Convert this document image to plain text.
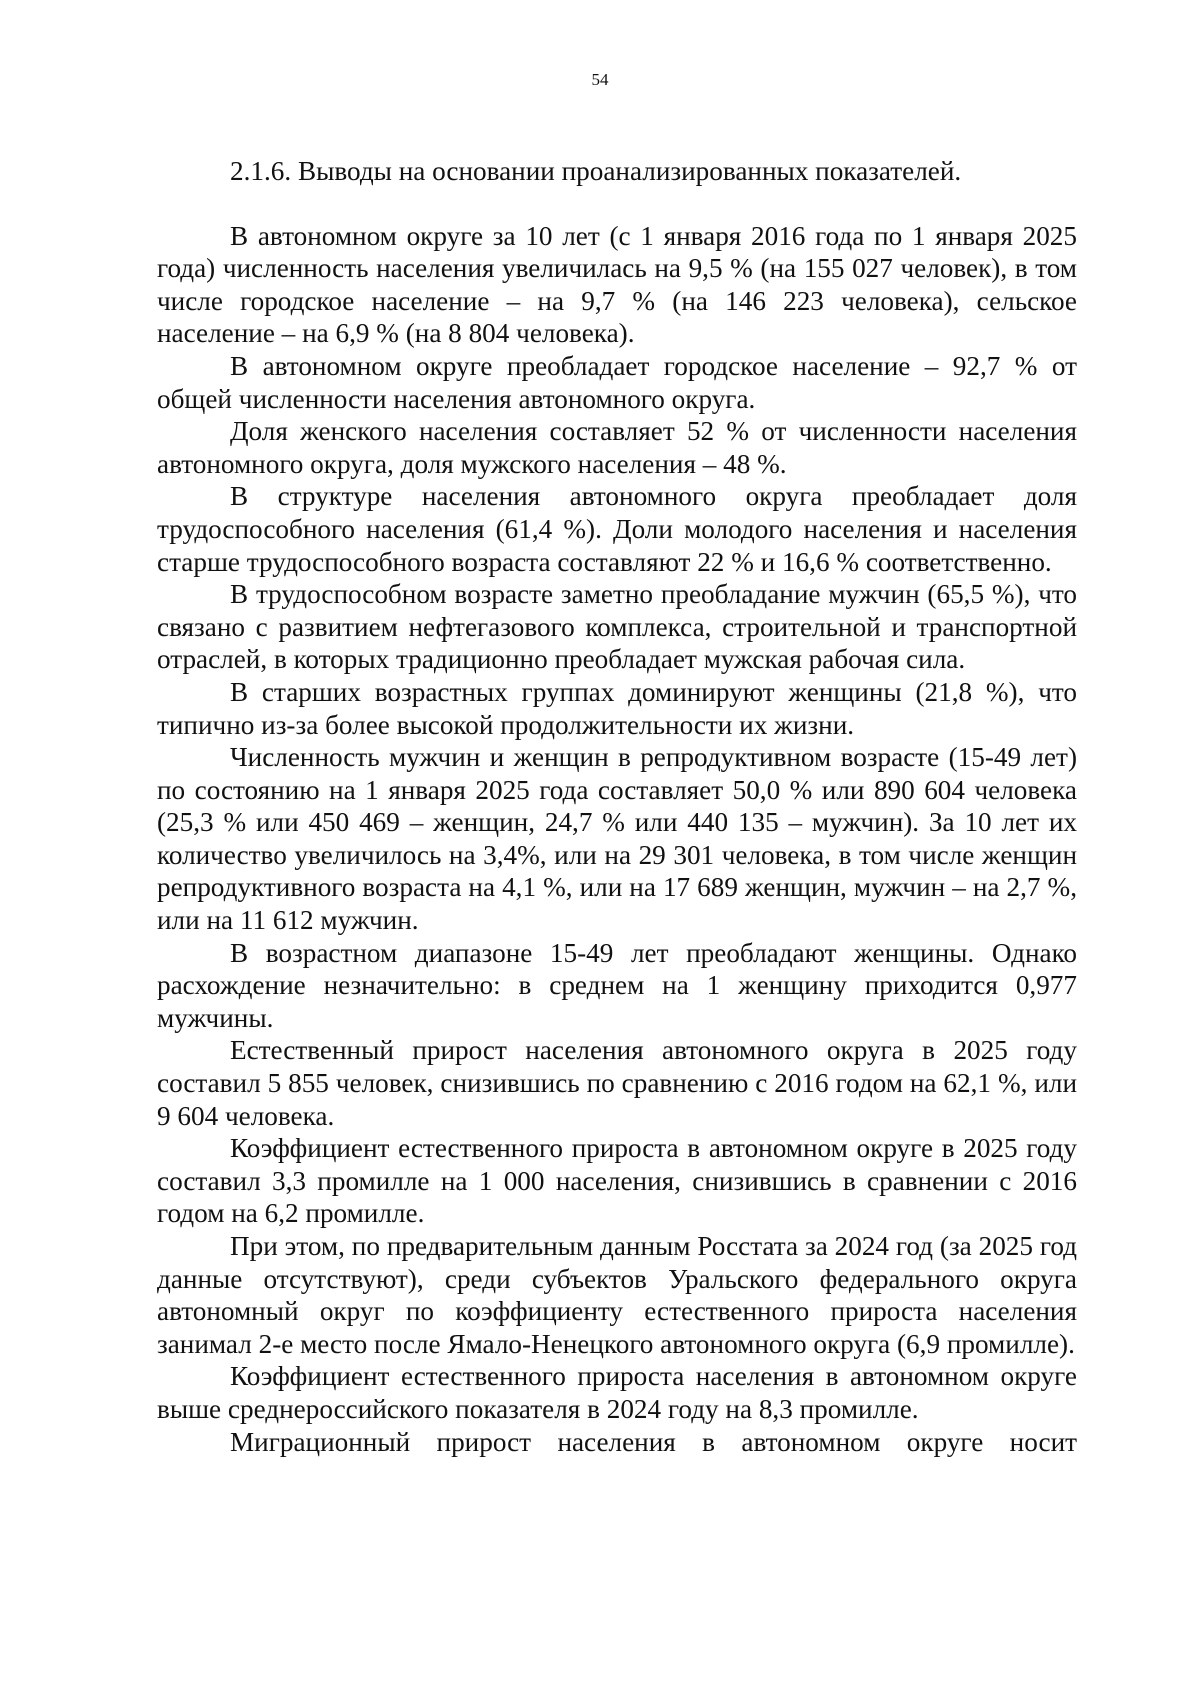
54

2.1.6. Выводы на основании проанализированных показателей.

В автономном округе за 10 лет (с 1 января 2016 года по 1 января 2025 года) численность населения увеличилась на 9,5 % (на 155 027 человек), в том числе городское население – на 9,7 % (на 146 223 человека), сельское население – на 6,9 % (на 8 804 человека).

В автономном округе преобладает городское население – 92,7 % от общей численности населения автономного округа.

Доля женского населения составляет 52 % от численности населения автономного округа, доля мужского населения – 48 %.

В структуре населения автономного округа преобладает доля трудоспособного населения (61,4 %). Доли молодого населения и населения старше трудоспособного возраста составляют 22 % и 16,6 % соответственно.

В трудоспособном возрасте заметно преобладание мужчин (65,5 %), что связано с развитием нефтегазового комплекса, строительной и транспортной отраслей, в которых традиционно преобладает мужская рабочая сила.

В старших возрастных группах доминируют женщины (21,8 %), что типично из-за более высокой продолжительности их жизни.

Численность мужчин и женщин в репродуктивном возрасте (15-49 лет) по состоянию на 1 января 2025 года составляет 50,0 % или 890 604 человека (25,3 % или 450 469 – женщин, 24,7 % или 440 135 – мужчин). За 10 лет их количество увеличилось на 3,4%, или на 29 301 человека, в том числе женщин репродуктивного возраста на 4,1 %, или на 17 689 женщин, мужчин – на 2,7 %, или на 11 612 мужчин.

В возрастном диапазоне 15-49 лет преобладают женщины. Однако расхождение незначительно: в среднем на 1 женщину приходится 0,977 мужчины.

Естественный прирост населения автономного округа в 2025 году составил 5 855 человек, снизившись по сравнению с 2016 годом на 62,1 %, или 9 604 человека.

Коэффициент естественного прироста в автономном округе в 2025 году составил 3,3 промилле на 1 000 населения, снизившись в сравнении с 2016 годом на 6,2 промилле.

При этом, по предварительным данным Росстата за 2024 год (за 2025 год данные отсутствуют), среди субъектов Уральского федерального округа автономный округ по коэффициенту естественного прироста населения занимал 2-е место после Ямало-Ненецкого автономного округа (6,9 промилле).

Коэффициент естественного прироста населения в автономном округе выше среднероссийского показателя в 2024 году на 8,3 промилле.

Миграционный прирост населения в автономном округе носит
